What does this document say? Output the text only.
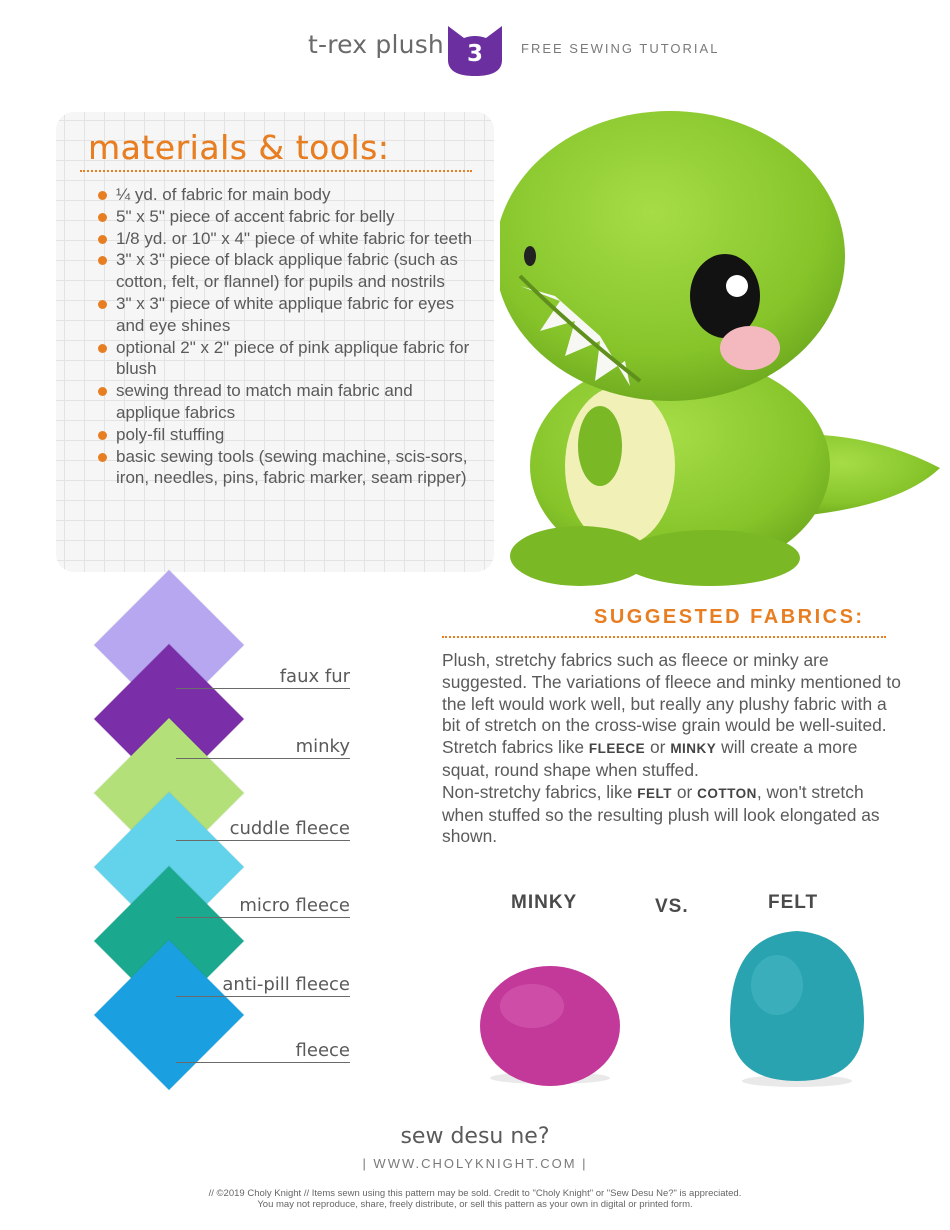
t-rex plush	3	FREE SEWING TUTORIAL
materials & tools:
¼ yd. of fabric for main body
5" x 5" piece of accent fabric for belly
1/8 yd. or 10" x 4" piece of white fabric for teeth
3" x 3" piece of black applique fabric (such as cotton, felt, or flannel) for pupils and nostrils
3" x 3" piece of white applique fabric for eyes and eye shines
optional 2" x 2" piece of pink applique fabric for blush
sewing thread to match main fabric and applique fabrics
poly-fil stuffing
basic sewing tools (sewing machine, scis-sors, iron, needles, pins, fabric marker, seam ripper)
faux fur
minky
cuddle fleece
micro fleece
anti-pill fleece
fleece
SUGGESTED FABRICS:

Plush, stretchy fabrics such as fleece or minky are suggested. The variations of fleece and minky mentioned to the left would work well, but really any plushy fabric with a bit of stretch on the cross-wise grain would be well-suited.

Stretch fabrics like FLEECE or MINKY will create a more squat, round shape when stuffed.

Non-stretchy fabrics, like FELT or COTTON, won't stretch when stuffed so the resulting plush will look elongated as shown.

MINKY	VS.	FELT
sew desu ne?
| WWW.CHOLYKNIGHT.COM |
// ©2019 Choly Knight // Items sewn using this pattern may be sold. Credit to "Choly Knight" or "Sew Desu Ne?" is appreciated.
You may not reproduce, share, freely distribute, or sell this pattern as your own in digital or printed form.
